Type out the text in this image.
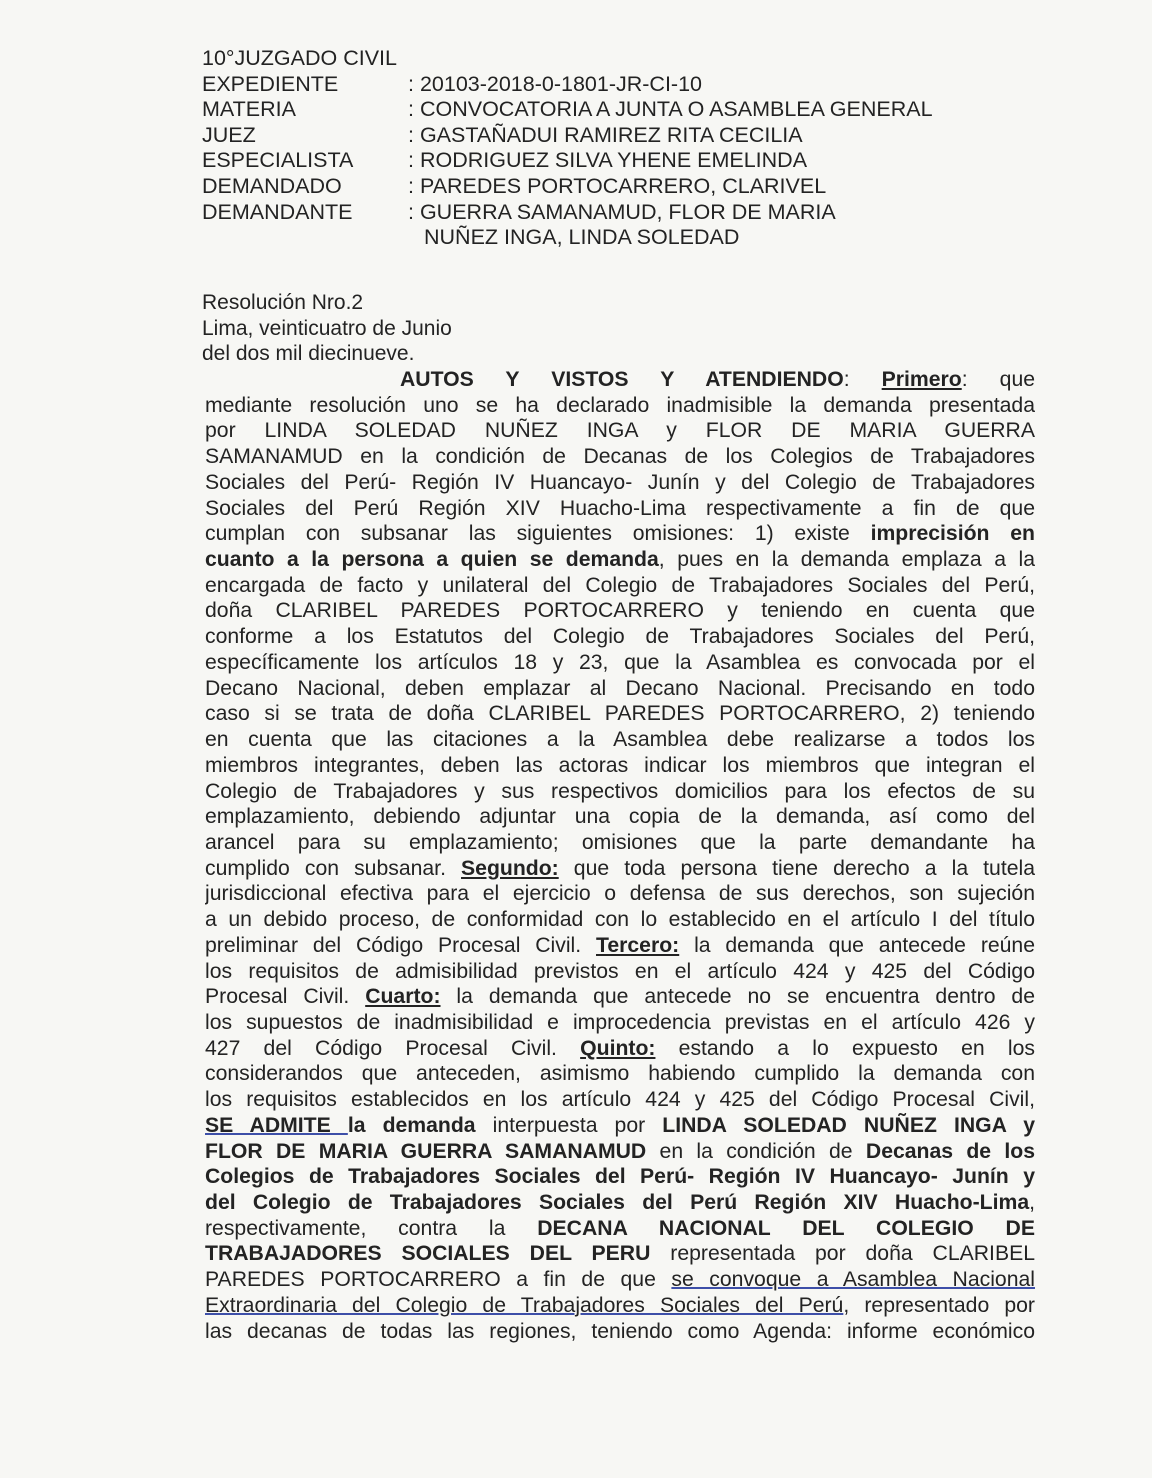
10°JUZGADO CIVIL
EXPEDIENTE	: 20103-2018-0-1801-JR-CI-10
MATERIA	: CONVOCATORIA A JUNTA O ASAMBLEA GENERAL
JUEZ	: GASTAÑADUI RAMIREZ RITA CECILIA
ESPECIALISTA	: RODRIGUEZ SILVA YHENE EMELINDA
DEMANDADO	: PAREDES PORTOCARRERO, CLARIVEL
DEMANDANTE	: GUERRA SAMANAMUD, FLOR DE MARIA
NUÑEZ INGA, LINDA SOLEDAD
Resolución Nro.2
Lima, veinticuatro de Junio
del dos mil diecinueve.
AUTOS Y VISTOS Y ATENDIENDO: Primero: que
mediante resolución uno se ha declarado inadmisible la demanda presentada
por LINDA SOLEDAD NUÑEZ INGA y FLOR DE MARIA GUERRA
SAMANAMUD en la condición de Decanas de los Colegios de Trabajadores
Sociales del Perú- Región IV Huancayo- Junín y del Colegio de Trabajadores
Sociales del Perú Región XIV Huacho-Lima respectivamente a fin de que
cumplan con subsanar las siguientes omisiones: 1) existe imprecisión en
cuanto a la persona a quien se demanda, pues en la demanda emplaza a la
encargada de facto y unilateral del Colegio de Trabajadores Sociales del Perú,
doña CLARIBEL PAREDES PORTOCARRERO y teniendo en cuenta que
conforme a los Estatutos del Colegio de Trabajadores Sociales del Perú,
específicamente los artículos 18 y 23, que la Asamblea es convocada por el
Decano Nacional, deben emplazar al Decano Nacional. Precisando en todo
caso si se trata de doña CLARIBEL PAREDES PORTOCARRERO, 2) teniendo
en cuenta que las citaciones a la Asamblea debe realizarse a todos los
miembros integrantes, deben las actoras indicar los miembros que integran el
Colegio de Trabajadores y sus respectivos domicilios para los efectos de su
emplazamiento, debiendo adjuntar una copia de la demanda, así como del
arancel para su emplazamiento; omisiones que la parte demandante ha
cumplido con subsanar. Segundo: que toda persona tiene derecho a la tutela
jurisdiccional efectiva para el ejercicio o defensa de sus derechos, son sujeción
a un debido proceso, de conformidad con lo establecido en el artículo I del título
preliminar del Código Procesal Civil. Tercero: la demanda que antecede reúne
los requisitos de admisibilidad previstos en el artículo 424 y 425 del Código
Procesal Civil. Cuarto: la demanda que antecede no se encuentra dentro de
los supuestos de inadmisibilidad e improcedencia previstas en el artículo 426 y
427 del Código Procesal Civil. Quinto: estando a lo expuesto en los
considerandos que anteceden, asimismo habiendo cumplido la demanda con
los requisitos establecidos en los artículo 424 y 425 del Código Procesal Civil,
SE ADMITE la demanda interpuesta por LINDA SOLEDAD NUÑEZ INGA y
FLOR DE MARIA GUERRA SAMANAMUD en la condición de Decanas de los
Colegios de Trabajadores Sociales del Perú- Región IV Huancayo- Junín y
del Colegio de Trabajadores Sociales del Perú Región XIV Huacho-Lima,
respectivamente, contra la DECANA NACIONAL DEL COLEGIO DE
TRABAJADORES SOCIALES DEL PERU representada por doña CLARIBEL
PAREDES PORTOCARRERO a fin de que se convoque a Asamblea Nacional
Extraordinaria del Colegio de Trabajadores Sociales del Perú, representado por
las decanas de todas las regiones, teniendo como Agenda: informe económico
